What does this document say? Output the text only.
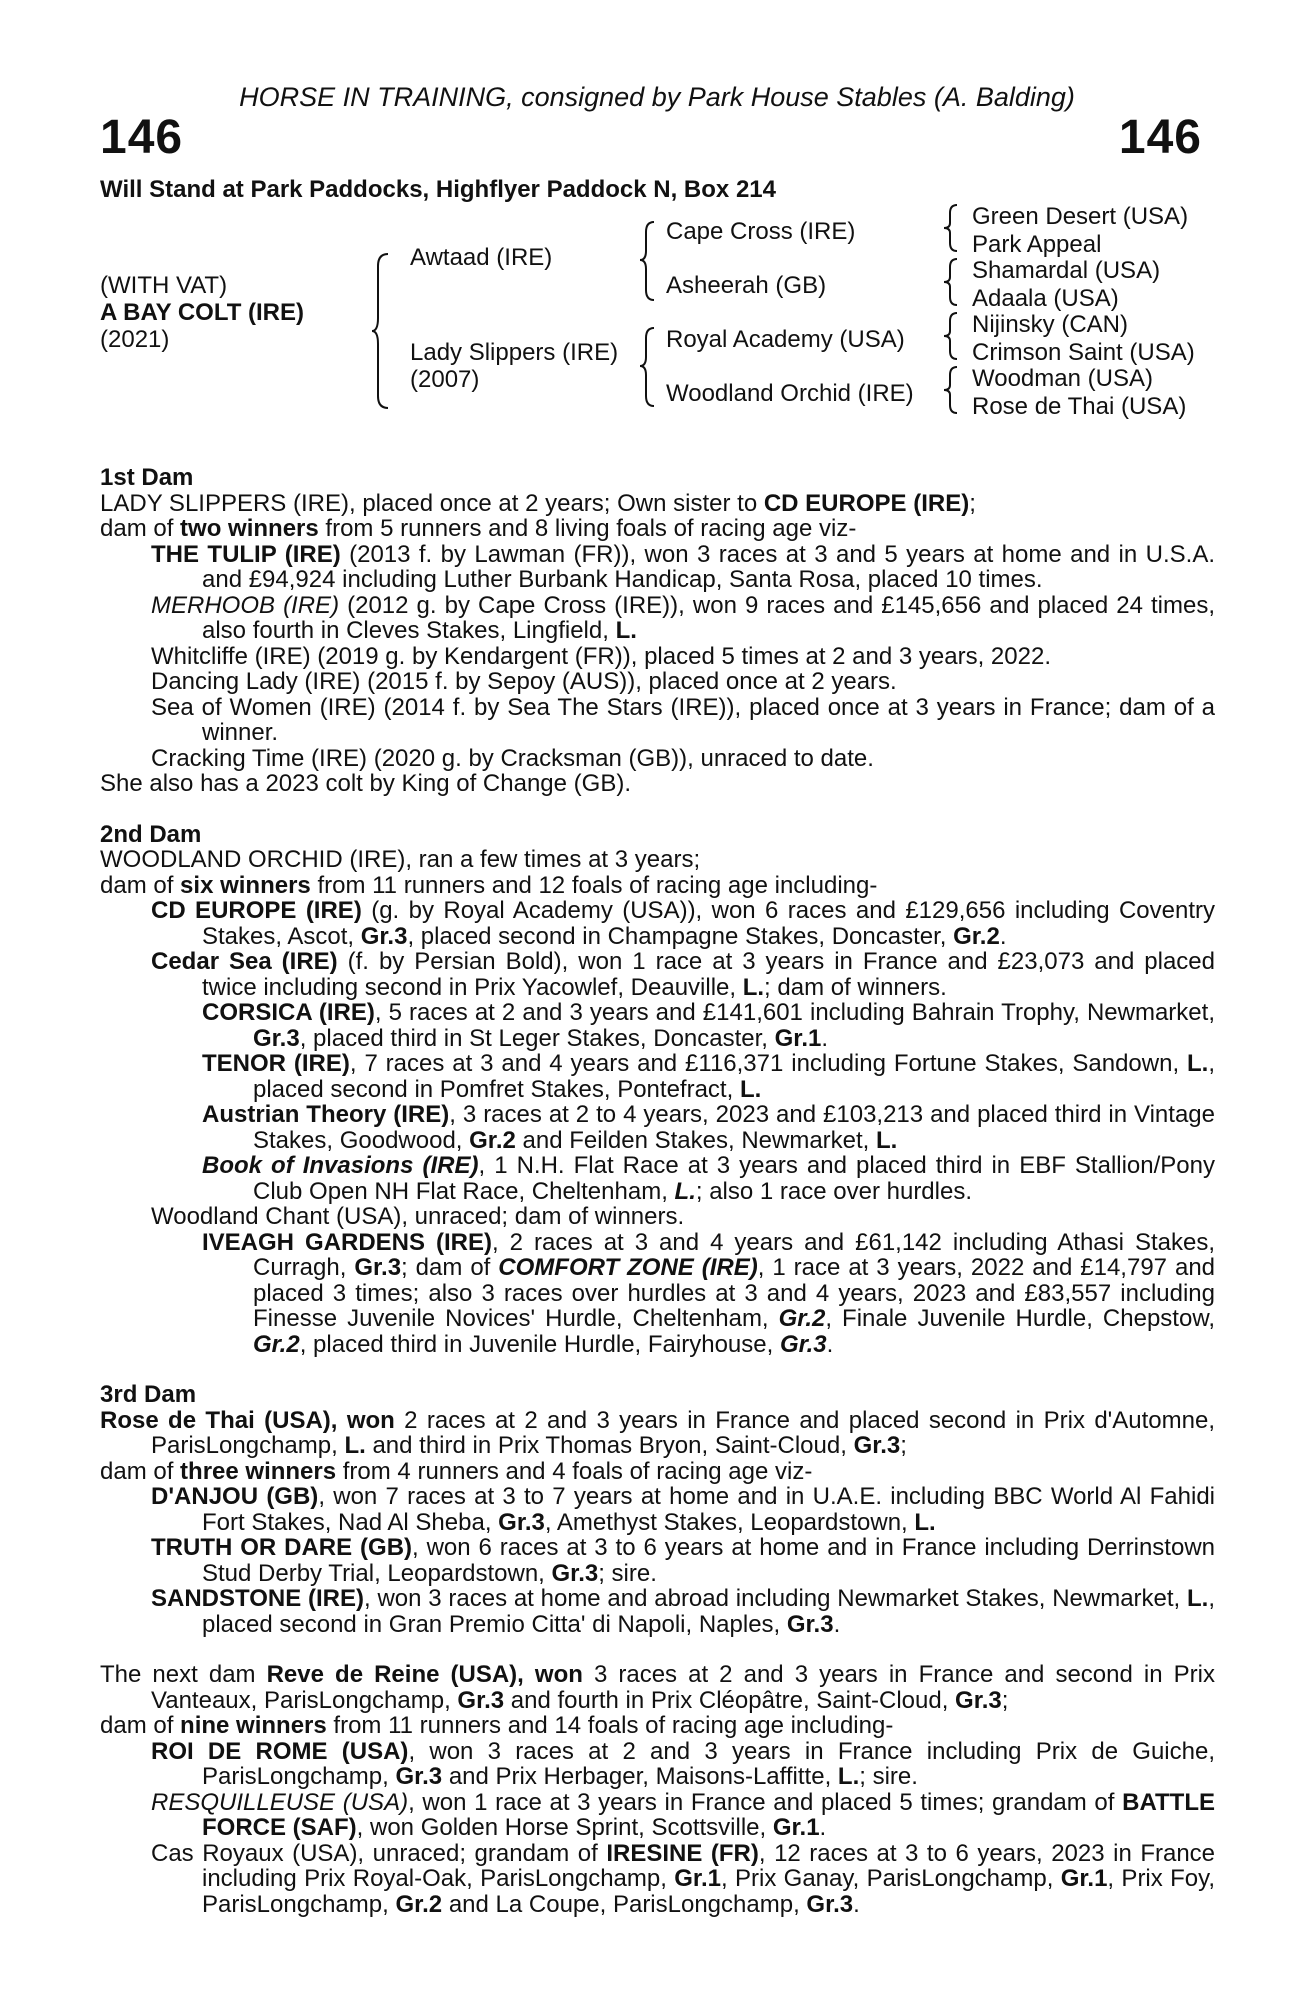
HORSE IN TRAINING, consigned by Park House Stables (A. Balding)
146	146
Will Stand at Park Paddocks, Highflyer Paddock N, Box 214
(WITH VAT)
A BAY COLT (IRE)
(2021)
Awtaad (IRE)
Lady Slippers (IRE)
(2007)
Cape Cross (IRE)
Asheerah (GB)
Royal Academy (USA)
Woodland Orchid (IRE)
Green Desert (USA)
Park Appeal
Shamardal (USA)
Adaala (USA)
Nijinsky (CAN)
Crimson Saint (USA)
Woodman (USA)
Rose de Thai (USA)
1st Dam

LADY SLIPPERS (IRE), placed once at 2 years; Own sister to CD EUROPE (IRE);

dam of two winners from 5 runners and 8 living foals of racing age viz-

THE TULIP (IRE) (2013 f. by Lawman (FR)), won 3 races at 3 and 5 years at home and in U.S.A. and £94,924 including Luther Burbank Handicap, Santa Rosa, placed 10 times.

MERHOOB (IRE) (2012 g. by Cape Cross (IRE)), won 9 races and £145,656 and placed 24 times, also fourth in Cleves Stakes, Lingfield, L.

Whitcliffe (IRE) (2019 g. by Kendargent (FR)), placed 5 times at 2 and 3 years, 2022.

Dancing Lady (IRE) (2015 f. by Sepoy (AUS)), placed once at 2 years.

Sea of Women (IRE) (2014 f. by Sea The Stars (IRE)), placed once at 3 years in France; dam of a winner.

Cracking Time (IRE) (2020 g. by Cracksman (GB)), unraced to date.

She also has a 2023 colt by King of Change (GB).

2nd Dam

WOODLAND ORCHID (IRE), ran a few times at 3 years;

dam of six winners from 11 runners and 12 foals of racing age including-

CD EUROPE (IRE) (g. by Royal Academy (USA)), won 6 races and £129,656 including Coventry Stakes, Ascot, Gr.3, placed second in Champagne Stakes, Doncaster, Gr.2.

Cedar Sea (IRE) (f. by Persian Bold), won 1 race at 3 years in France and £23,073 and placed twice including second in Prix Yacowlef, Deauville, L.; dam of winners.

CORSICA (IRE), 5 races at 2 and 3 years and £141,601 including Bahrain Trophy, Newmarket, Gr.3, placed third in St Leger Stakes, Doncaster, Gr.1.

TENOR (IRE), 7 races at 3 and 4 years and £116,371 including Fortune Stakes, Sandown, L., placed second in Pomfret Stakes, Pontefract, L.

Austrian Theory (IRE), 3 races at 2 to 4 years, 2023 and £103,213 and placed third in Vintage Stakes, Goodwood, Gr.2 and Feilden Stakes, Newmarket, L.

Book of Invasions (IRE), 1 N.H. Flat Race at 3 years and placed third in EBF Stallion/Pony Club Open NH Flat Race, Cheltenham, L.; also 1 race over hurdles.

Woodland Chant (USA), unraced; dam of winners.

IVEAGH GARDENS (IRE), 2 races at 3 and 4 years and £61,142 including Athasi Stakes, Curragh, Gr.3; dam of COMFORT ZONE (IRE), 1 race at 3 years, 2022 and £14,797 and placed 3 times; also 3 races over hurdles at 3 and 4 years, 2023 and £83,557 including Finesse Juvenile Novices' Hurdle, Cheltenham, Gr.2, Finale Juvenile Hurdle, Chepstow, Gr.2, placed third in Juvenile Hurdle, Fairyhouse, Gr.3.

3rd Dam

Rose de Thai (USA), won 2 races at 2 and 3 years in France and placed second in Prix d'Automne, ParisLongchamp, L. and third in Prix Thomas Bryon, Saint-Cloud, Gr.3;

dam of three winners from 4 runners and 4 foals of racing age viz-

D'ANJOU (GB), won 7 races at 3 to 7 years at home and in U.A.E. including BBC World Al Fahidi Fort Stakes, Nad Al Sheba, Gr.3, Amethyst Stakes, Leopardstown, L.

TRUTH OR DARE (GB), won 6 races at 3 to 6 years at home and in France including Derrinstown Stud Derby Trial, Leopardstown, Gr.3; sire.

SANDSTONE (IRE), won 3 races at home and abroad including Newmarket Stakes, Newmarket, L., placed second in Gran Premio Citta' di Napoli, Naples, Gr.3.

The next dam Reve de Reine (USA), won 3 races at 2 and 3 years in France and second in Prix Vanteaux, ParisLongchamp, Gr.3 and fourth in Prix Cléopâtre, Saint-Cloud, Gr.3;

dam of nine winners from 11 runners and 14 foals of racing age including-

ROI DE ROME (USA), won 3 races at 2 and 3 years in France including Prix de Guiche, ParisLongchamp, Gr.3 and Prix Herbager, Maisons-Laffitte, L.; sire.

RESQUILLEUSE (USA), won 1 race at 3 years in France and placed 5 times; grandam of BATTLE FORCE (SAF), won Golden Horse Sprint, Scottsville, Gr.1.

Cas Royaux (USA), unraced; grandam of IRESINE (FR), 12 races at 3 to 6 years, 2023 in France including Prix Royal-Oak, ParisLongchamp, Gr.1, Prix Ganay, ParisLongchamp, Gr.1, Prix Foy, ParisLongchamp, Gr.2 and La Coupe, ParisLongchamp, Gr.3.
